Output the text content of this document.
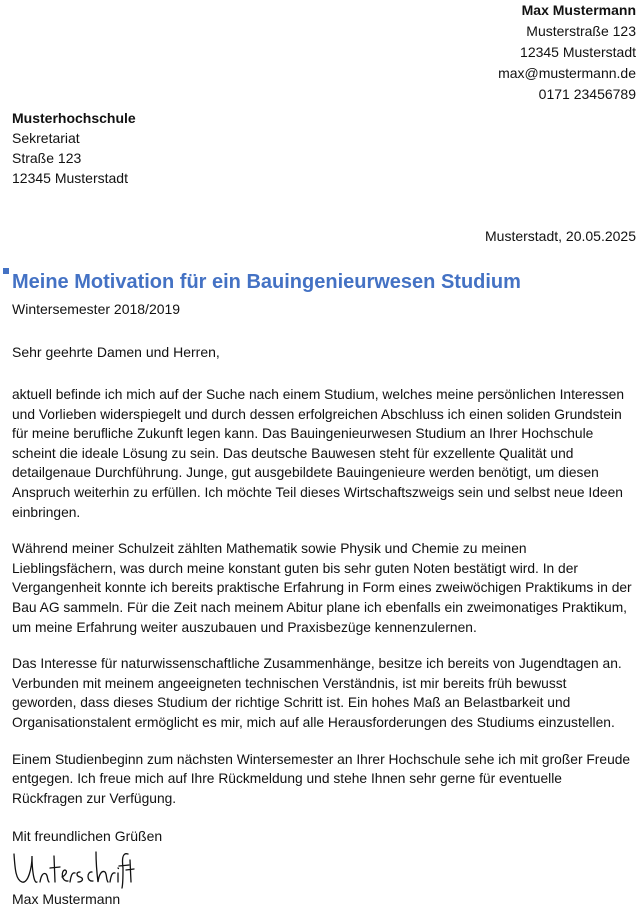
Max Mustermann
Musterstraße 123
12345 Musterstadt
max@mustermann.de
0171 23456789
Musterhochschule
Sekretariat
Straße 123
12345 Musterstadt
Musterstadt, 20.05.2025
Meine Motivation für ein Bauingenieurwesen Studium
Wintersemester 2018/2019
Sehr geehrte Damen und Herren,

aktuell befinde ich mich auf der Suche nach einem Studium, welches meine persönlichen Interessen und Vorlieben widerspiegelt und durch dessen erfolgreichen Abschluss ich einen soliden Grundstein für meine berufliche Zukunft legen kann. Das Bauingenieurwesen Studium an Ihrer Hochschule scheint die ideale Lösung zu sein. Das deutsche Bauwesen steht für exzellente Qualität und detailgenaue Durchführung. Junge, gut ausgebildete Bauingenieure werden benötigt, um diesen Anspruch weiterhin zu erfüllen. Ich möchte Teil dieses Wirtschaftszweigs sein und selbst neue Ideen einbringen.

Während meiner Schulzeit zählten Mathematik sowie Physik und Chemie zu meinen Lieblingsfächern, was durch meine konstant guten bis sehr guten Noten bestätigt wird. In der Vergangenheit konnte ich bereits praktische Erfahrung in Form eines zweiwöchigen Praktikums in der Bau AG sammeln. Für die Zeit nach meinem Abitur plane ich ebenfalls ein zweimonatiges Praktikum, um meine Erfahrung weiter auszubauen und Praxisbezüge kennenzulernen.

Das Interesse für naturwissenschaftliche Zusammenhänge, besitze ich bereits von Jugendtagen an. Verbunden mit meinem angeeigneten technischen Verständnis, ist mir bereits früh bewusst geworden, dass dieses Studium der richtige Schritt ist. Ein hohes Maß an Belastbarkeit und Organisationstalent ermöglicht es mir, mich auf alle Herausforderungen des Studiums einzustellen.

Einem Studienbeginn zum nächsten Wintersemester an Ihrer Hochschule sehe ich mit großer Freude entgegen. Ich freue mich auf Ihre Rückmeldung und stehe Ihnen sehr gerne für eventuelle Rückfragen zur Verfügung.

Mit freundlichen Grüßen
Max Mustermann
